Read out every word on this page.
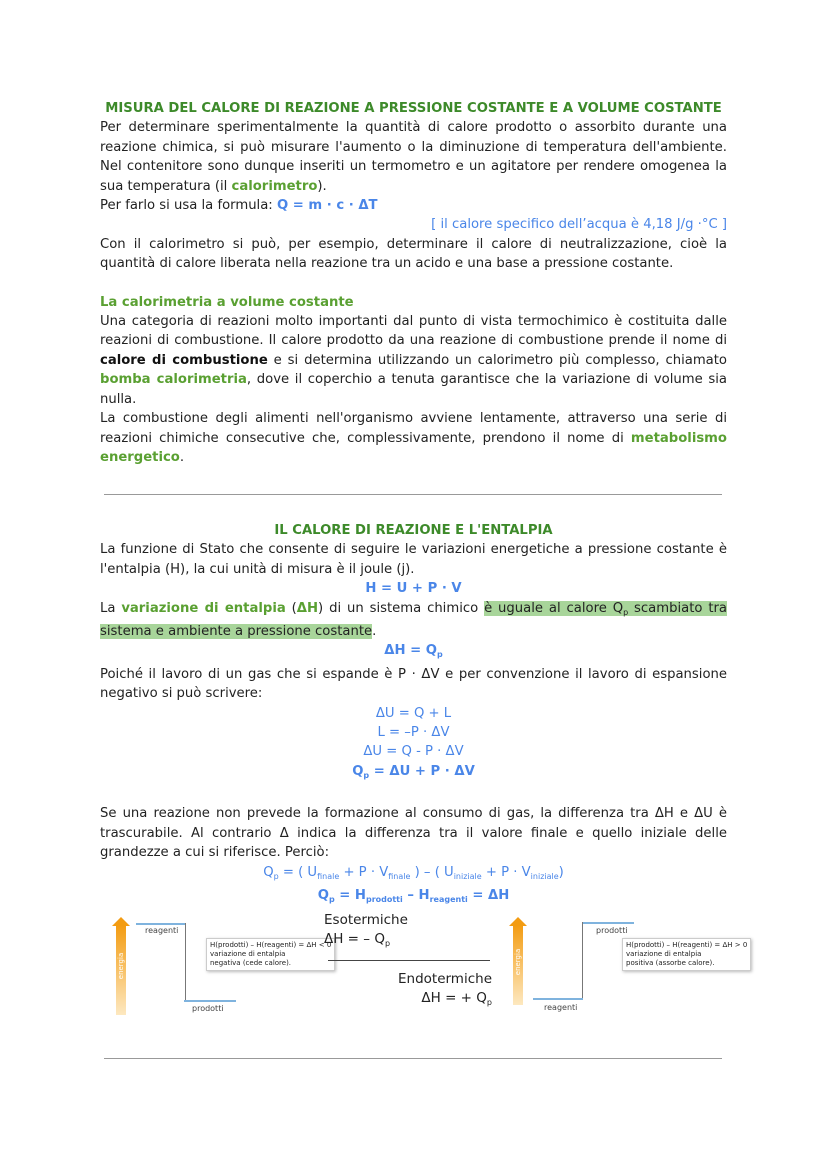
MISURA DEL CALORE DI REAZIONE A PRESSIONE COSTANTE E A VOLUME COSTANTE

Per determinare sperimentalmente la quantità di calore prodotto o assorbito durante una reazione chimica, si può misurare l'aumento o la diminuzione di temperatura dell'ambiente. Nel contenitore sono dunque inseriti un termometro e un agitatore per rendere omogenea la sua temperatura (il calorimetro).

Per farlo si usa la formula: Q = m · c · ΔT

[ il calore specifico dell’acqua è 4,18 J/g ·°C ]

Con il calorimetro si può, per esempio, determinare il calore di neutralizzazione, cioè la quantità di calore liberata nella reazione tra un acido e una base a pressione costante.

La calorimetria a volume costante

Una categoria di reazioni molto importanti dal punto di vista termochimico è costituita dalle reazioni di combustione. Il calore prodotto da una reazione di combustione prende il nome di calore di combustione e si determina utilizzando un calorimetro più complesso, chiamato bomba calorimetria, dove il coperchio a tenuta garantisce che la variazione di volume sia nulla.

La combustione degli alimenti nell'organismo avviene lentamente, attraverso una serie di reazioni chimiche consecutive che, complessivamente, prendono il nome di metabolismo energetico.

IL CALORE DI REAZIONE E L'ENTALPIA

La funzione di Stato che consente di seguire le variazioni energetiche a pressione costante è l'entalpia (H), la cui unità di misura è il joule (j).

H = U + P · V

La variazione di entalpia (ΔH) di un sistema chimico è uguale al calore $Q_p$ scambiato tra sistema e ambiente a pressione costante.

$\Delta H = Q_p$

Poiché il lavoro di un gas che si espande è P · ΔV e per convenzione il lavoro di espansione negativo si può scrivere:

ΔU = Q + L

L = –P · ΔV

ΔU = Q - P · ΔV

$Q_p = \Delta U + P \cdot \Delta V$

Se una reazione non prevede la formazione al consumo di gas, la differenza tra ΔH e ΔU è trascurabile. Al contrario Δ indica la differenza tra il valore finale e quello iniziale delle grandezze a cui si riferisce. Perciò:

$Q_p$ = ( $U_{finale} + P \cdot V_{finale}$ ) – ( $U_{iniziale} + P \cdot V_{iniziale}$)

$Q_p = H_{prodotti} - H_{reagenti} = \Delta H$

energia
reagenti
prodotti
H(prodotti) – H(reagenti) = ΔH < 0
variazione di entalpia
negativa (cede calore).
Esotermiche
ΔH = – $Q_p$
Endotermiche
ΔH = + $Q_p$
energia
prodotti
reagenti
H(prodotti) – H(reagenti) = ΔH > 0
variazione di entalpia
positiva (assorbe calore).
